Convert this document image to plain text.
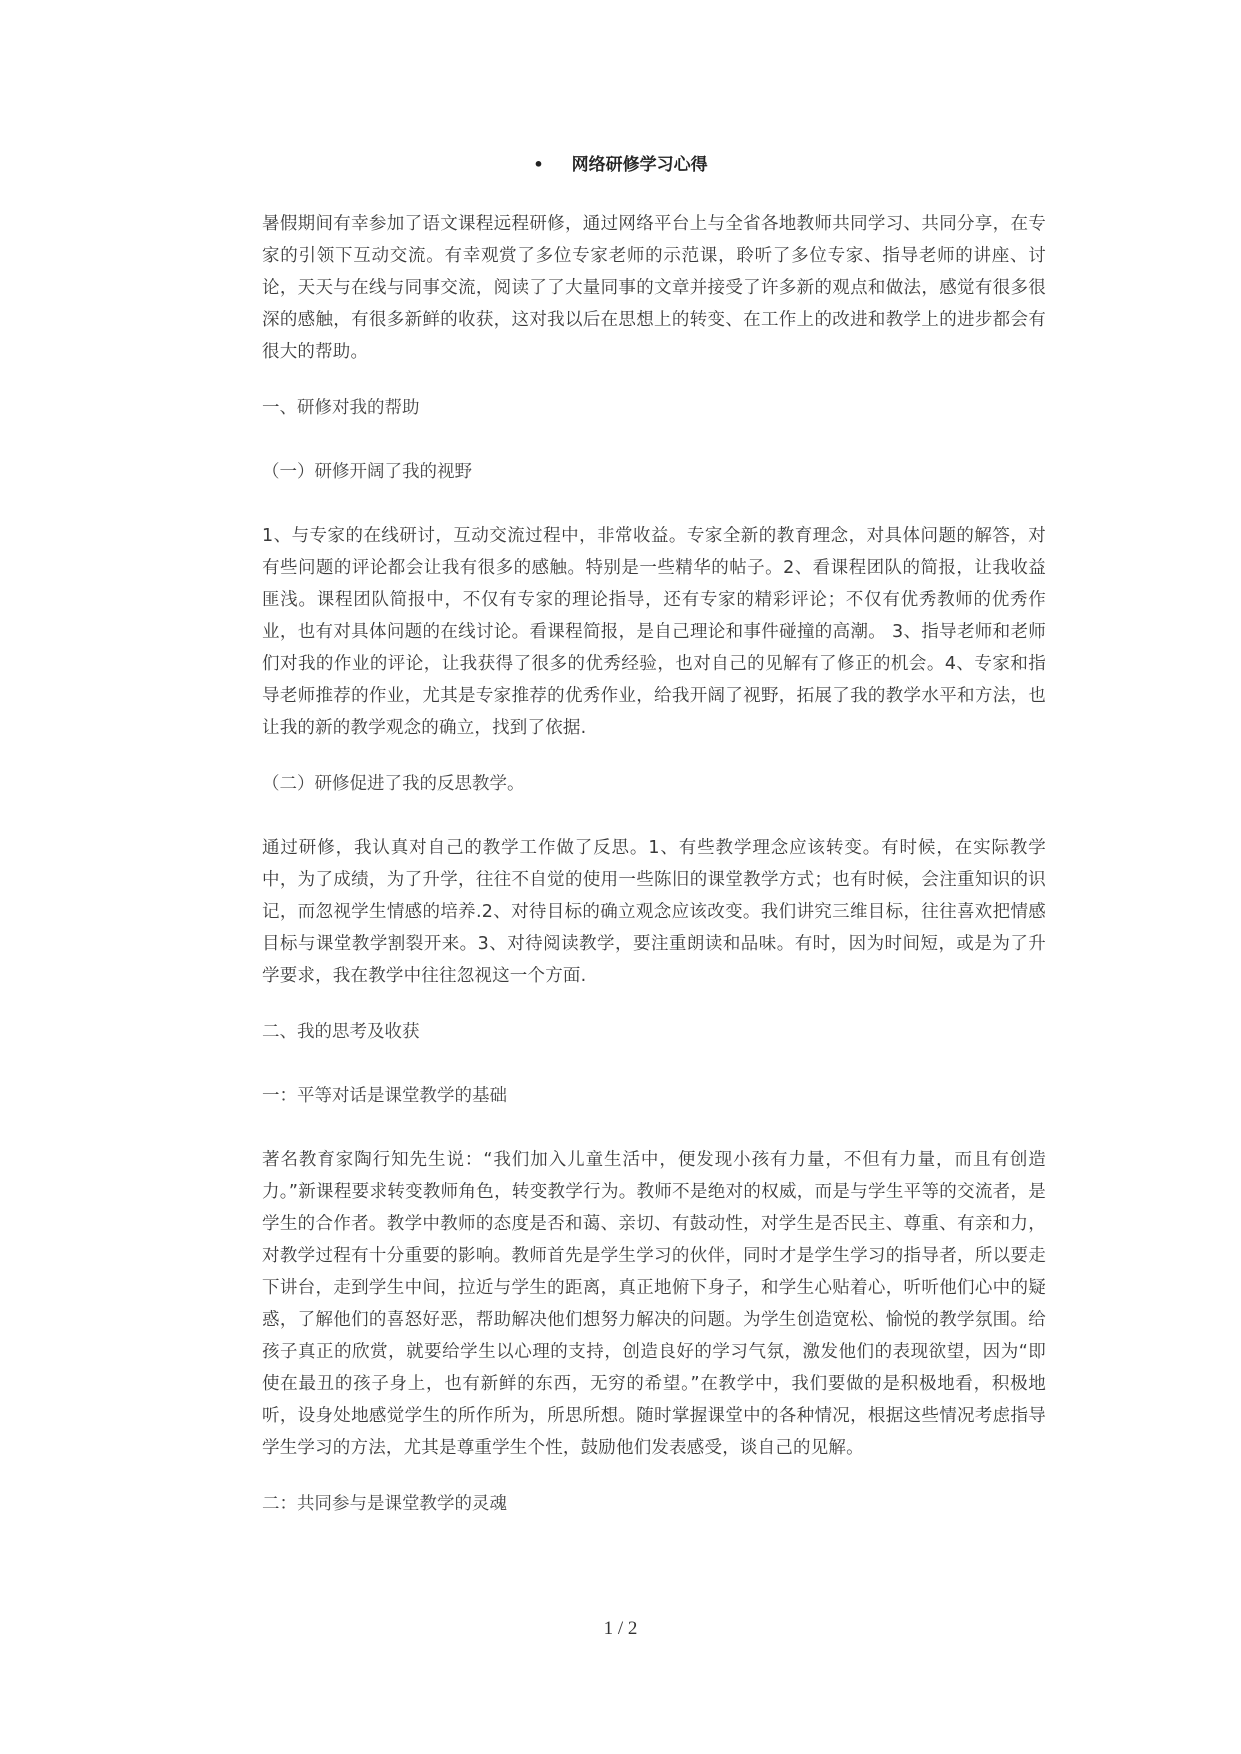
• 网络研修学习心得

暑假期间有幸参加了语文课程远程研修，通过网络平台上与全省各地教师共同学习、共同分享，在专家的引领下互动交流。有幸观赏了多位专家老师的示范课，聆听了多位专家、指导老师的讲座、讨论，天天与在线与同事交流，阅读了了大量同事的文章并接受了许多新的观点和做法，感觉有很多很深的感触，有很多新鲜的收获，这对我以后在思想上的转变、在工作上的改进和教学上的进步都会有很大的帮助。

一、研修对我的帮助

（一）研修开阔了我的视野

1、与专家的在线研讨，互动交流过程中，非常收益。专家全新的教育理念，对具体问题的解答，对有些问题的评论都会让我有很多的感触。特别是一些精华的帖子。2、看课程团队的简报，让我收益匪浅。课程团队简报中，不仅有专家的理论指导，还有专家的精彩评论；不仅有优秀教师的优秀作业，也有对具体问题的在线讨论。看课程简报，是自己理论和事件碰撞的高潮。 3、指导老师和老师们对我的作业的评论，让我获得了很多的优秀经验，也对自己的见解有了修正的机会。4、专家和指导老师推荐的作业，尤其是专家推荐的优秀作业，给我开阔了视野，拓展了我的教学水平和方法，也让我的新的教学观念的确立，找到了依据.

（二）研修促进了我的反思教学。

通过研修，我认真对自己的教学工作做了反思。1、有些教学理念应该转变。有时候，在实际教学中，为了成绩，为了升学，往往不自觉的使用一些陈旧的课堂教学方式；也有时候，会注重知识的识记，而忽视学生情感的培养.2、对待目标的确立观念应该改变。我们讲究三维目标，往往喜欢把情感目标与课堂教学割裂开来。3、对待阅读教学，要注重朗读和品味。有时，因为时间短，或是为了升学要求，我在教学中往往忽视这一个方面.

二、我的思考及收获

一：平等对话是课堂教学的基础

著名教育家陶行知先生说：“我们加入儿童生活中，便发现小孩有力量，不但有力量，而且有创造力。”新课程要求转变教师角色，转变教学行为。教师不是绝对的权威，而是与学生平等的交流者，是学生的合作者。教学中教师的态度是否和蔼、亲切、有鼓动性，对学生是否民主、尊重、有亲和力，对教学过程有十分重要的影响。教师首先是学生学习的伙伴，同时才是学生学习的指导者，所以要走下讲台，走到学生中间，拉近与学生的距离，真正地俯下身子，和学生心贴着心，听听他们心中的疑惑，了解他们的喜怒好恶，帮助解决他们想努力解决的问题。为学生创造宽松、愉悦的教学氛围。给孩子真正的欣赏，就要给学生以心理的支持，创造良好的学习气氛，激发他们的表现欲望，因为“即使在最丑的孩子身上，也有新鲜的东西，无穷的希望。”在教学中，我们要做的是积极地看，积极地听，设身处地感觉学生的所作所为，所思所想。随时掌握课堂中的各种情况，根据这些情况考虑指导学生学习的方法，尤其是尊重学生个性，鼓励他们发表感受，谈自己的见解。

二：共同参与是课堂教学的灵魂

1 / 2
